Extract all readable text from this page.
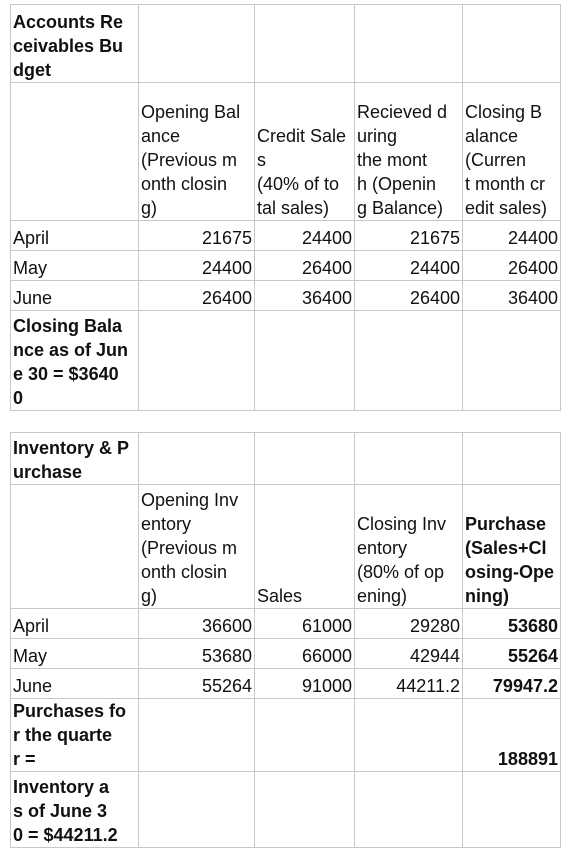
Accounts Re
ceivables Bu
dget				
	Opening Bal
ance
(Previous m
onth closin
g)	Credit Sale
s
(40% of to
tal sales)	Recieved d
uring
the mont
h (Openin
g Balance)	Closing B
alance
(Curren
t month cr
edit sales)
April	21675	24400	21675	24400
May	24400	26400	24400	26400
June	26400	36400	26400	36400
Closing Bala
nce as of Jun
e 30 = $3640
0				
Inventory & P
urchase				
	Opening Inv
entory
(Previous m
onth closin
g)	Sales	Closing Inv
entory
(80% of op
ening)	Purchase
(Sales+Cl
osing-Ope
ning)
April	36600	61000	29280	53680
May	53680	66000	42944	55264
June	55264	91000	44211.2	79947.2
Purchases fo
r the quarte
r =				188891
Inventory a
s of June 3
0 = $44211.2				
